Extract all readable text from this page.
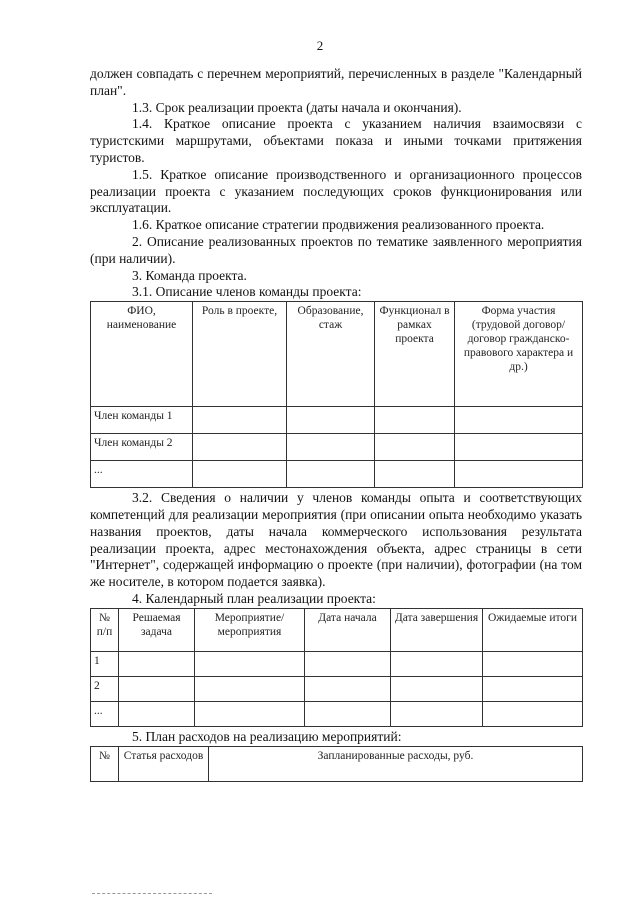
2

должен совпадать с перечнем мероприятий, перечисленных в разделе "Календарный план".

1.3. Срок реализации проекта (даты начала и окончания).

1.4. Краткое описание проекта с указанием наличия взаимосвязи с туристскими маршрутами, объектами показа и иными точками притяжения туристов.

1.5. Краткое описание производственного и организационного процессов реализации проекта с указанием последующих сроков функционирования или эксплуатации.

1.6. Краткое описание стратегии продвижения реализованного проекта.

2. Описание реализованных проектов по тематике заявленного мероприятия (при наличии).

3. Команда проекта.

3.1. Описание членов команды проекта:

ФИО, наименование	Роль в проекте,	Образование, стаж	Функционал в рамках проекта	Форма участия (трудовой договор/договор гражданско-правового характера и др.)
Член команды 1				
Член команды 2				
...				

3.2. Сведения о наличии у членов команды опыта и соответствующих компетенций для реализации мероприятия (при описании опыта необходимо указать названия проектов, даты начала коммерческого использования результата реализации проекта, адрес местонахождения объекта, адрес страницы в сети "Интернет", содержащей информацию о проекте (при наличии), фотографии (на том же носителе, в котором подается заявка).

4. Календарный план реализации проекта:

№ п/п	Решаемая задача	Мероприятие/ мероприятия	Дата начала	Дата завершения	Ожидаемые итоги
1					
2					
...					

5. План расходов на реализацию мероприятий:

№	Статья расходов	Запланированные расходы, руб.
